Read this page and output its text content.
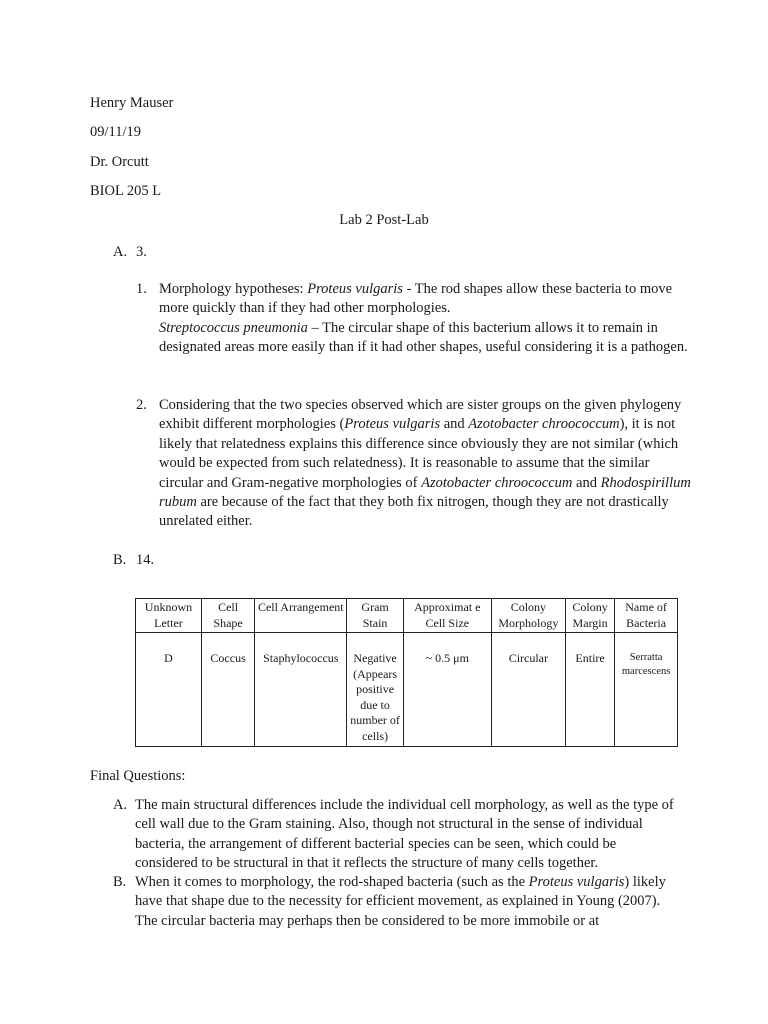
Henry Mauser
09/11/19
Dr. Orcutt
BIOL 205 L
Lab 2 Post-Lab
A. 3.
1. Morphology hypotheses: Proteus vulgaris - The rod shapes allow these bacteria to move more quickly than if they had other morphologies.
Streptococcus pneumonia – The circular shape of this bacterium allows it to remain in designated areas more easily than if it had other shapes, useful considering it is a pathogen.
2. Considering that the two species observed which are sister groups on the given phylogeny exhibit different morphologies (Proteus vulgaris and Azotobacter chroococcum), it is not likely that relatedness explains this difference since obviously they are not similar (which would be expected from such relatedness). It is reasonable to assume that the similar circular and Gram-negative morphologies of Azotobacter chroococcum and Rhodospirillum rubum are because of the fact that they both fix nitrogen, though they are not drastically unrelated either.
B. 14.
Unknown Letter	Cell Shape	Cell Arrangement	Gram Stain	Approximat e Cell Size	Colony Morphology	Colony Margin	Name of Bacteria
D	Coccus	Staphylococcus	Negative (Appears positive due to number of cells)	~ 0.5 μm	Circular	Entire	Serratta marcescens
Final Questions:
A. The main structural differences include the individual cell morphology, as well as the type of cell wall due to the Gram staining. Also, though not structural in the sense of individual bacteria, the arrangement of different bacterial species can be seen, which could be considered to be structural in that it reflects the structure of many cells together.
B. When it comes to morphology, the rod-shaped bacteria (such as the Proteus vulgaris) likely have that shape due to the necessity for efficient movement, as explained in Young (2007). The circular bacteria may perhaps then be considered to be more immobile or at
